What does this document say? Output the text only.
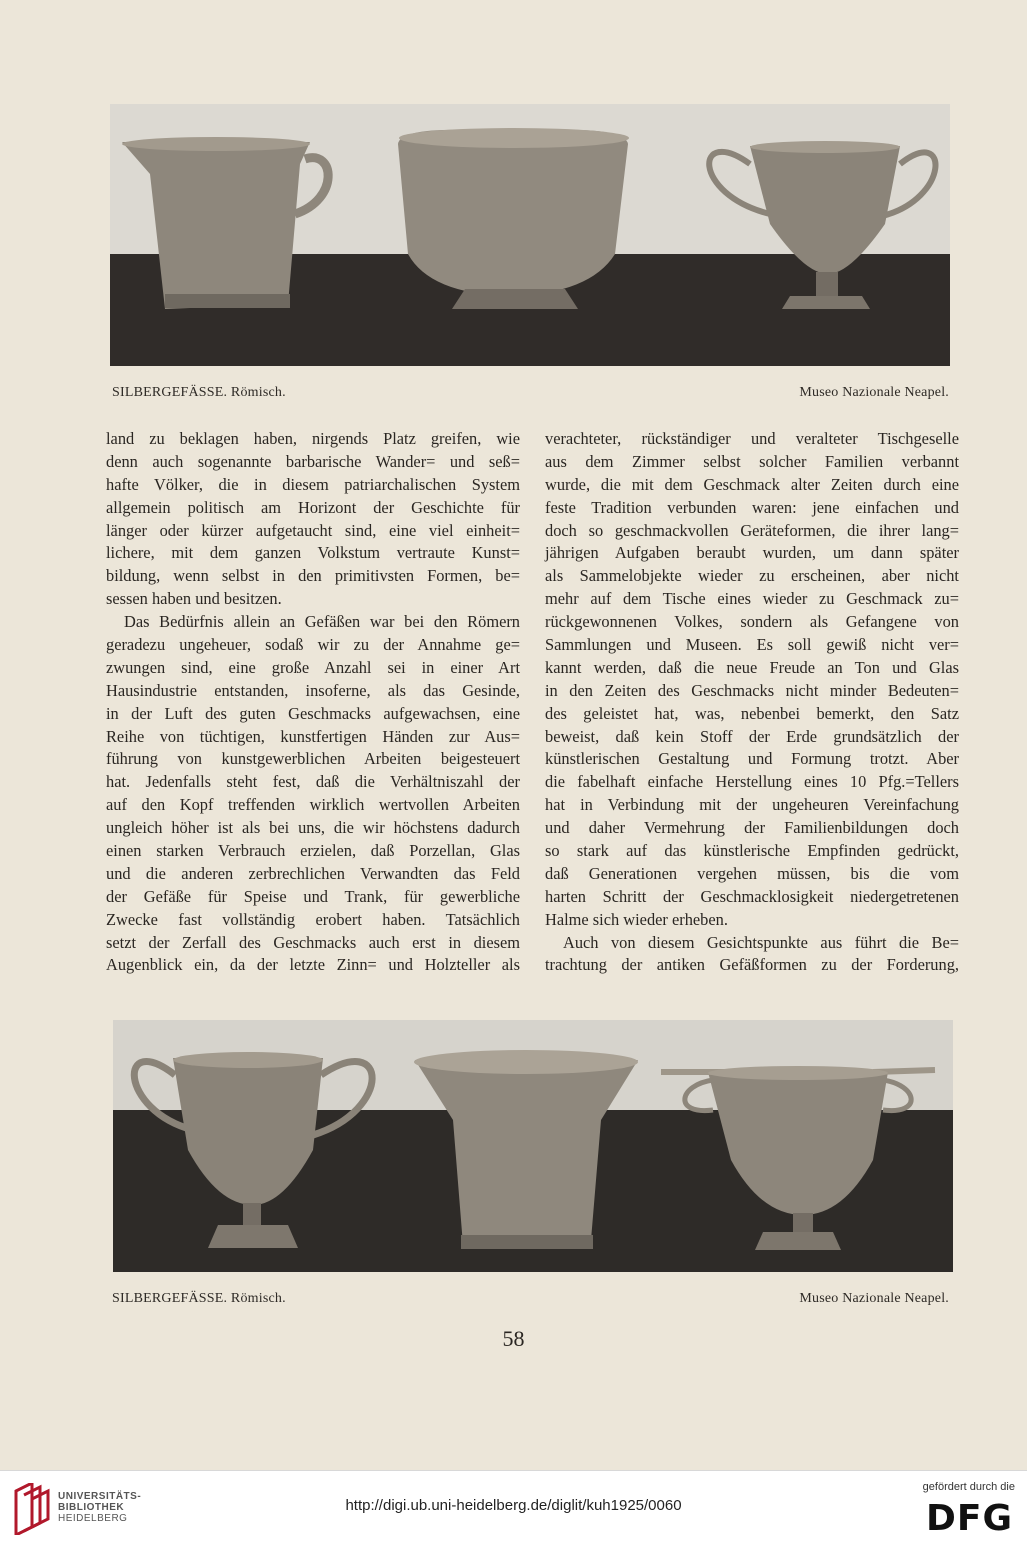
SILBERGEFÄSSE. Römisch.	Museo Nazionale Neapel.
land zu beklagen haben, nirgends Platz greifen, wie
denn auch sogenannte barbarische Wander= und seß=
hafte Völker, die in diesem patriarchalischen System
allgemein politisch am Horizont der Geschichte für
länger oder kürzer aufgetaucht sind, eine viel einheit=
lichere, mit dem ganzen Volkstum vertraute Kunst=
bildung, wenn selbst in den primitivsten Formen, be=
sessen haben und besitzen.
Das Bedürfnis allein an Gefäßen war bei den Römern
geradezu ungeheuer, sodaß wir zu der Annahme ge=
zwungen sind, eine große Anzahl sei in einer Art
Hausindustrie entstanden, insoferne, als das Gesinde,
in der Luft des guten Geschmacks aufgewachsen, eine
Reihe von tüchtigen, kunstfertigen Händen zur Aus=
führung von kunstgewerblichen Arbeiten beigesteuert
hat. Jedenfalls steht fest, daß die Verhältniszahl der
auf den Kopf treffenden wirklich wertvollen Arbeiten
ungleich höher ist als bei uns, die wir höchstens dadurch
einen starken Verbrauch erzielen, daß Porzellan, Glas
und die anderen zerbrechlichen Verwandten das Feld
der Gefäße für Speise und Trank, für gewerbliche
Zwecke fast vollständig erobert haben. Tatsächlich
setzt der Zerfall des Geschmacks auch erst in diesem
Augenblick ein, da der letzte Zinn= und Holzteller als
verachteter, rückständiger und veralteter Tischgeselle
aus dem Zimmer selbst solcher Familien verbannt
wurde, die mit dem Geschmack alter Zeiten durch eine
feste Tradition verbunden waren: jene einfachen und
doch so geschmackvollen Geräteformen, die ihrer lang=
jährigen Aufgaben beraubt wurden, um dann später
als Sammelobjekte wieder zu erscheinen, aber nicht
mehr auf dem Tische eines wieder zu Geschmack zu=
rückgewonnenen Volkes, sondern als Gefangene von
Sammlungen und Museen. Es soll gewiß nicht ver=
kannt werden, daß die neue Freude an Ton und Glas
in den Zeiten des Geschmacks nicht minder Bedeuten=
des geleistet hat, was, nebenbei bemerkt, den Satz
beweist, daß kein Stoff der Erde grundsätzlich der
künstlerischen Gestaltung und Formung trotzt. Aber
die fabelhaft einfache Herstellung eines 10 Pfg.=Tellers
hat in Verbindung mit der ungeheuren Vereinfachung
und daher Vermehrung der Familienbildungen doch
so stark auf das künstlerische Empfinden gedrückt,
daß Generationen vergehen müssen, bis die vom
harten Schritt der Geschmacklosigkeit niedergetretenen
Halme sich wieder erheben.
Auch von diesem Gesichtspunkte aus führt die Be=
trachtung der antiken Gefäßformen zu der Forderung,
SILBERGEFÄSSE. Römisch.	Museo Nazionale Neapel.
58
UNIVERSITÄTS-
BIBLIOTHEK
HEIDELBERG
http://digi.ub.uni-heidelberg.de/diglit/kuh1925/0060
gefördert durch die
DFG
